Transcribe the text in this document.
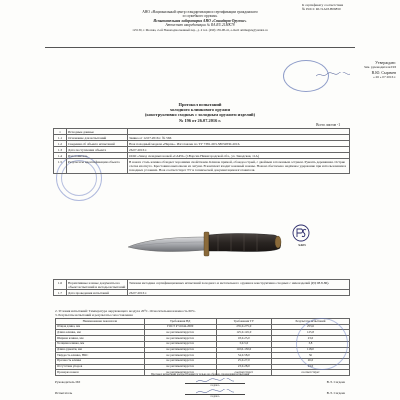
К сертификату соответствия
№ РОСС RU.SA03.B06850
АНО «Национальный центр стандартизации и сертификации гражданского
и служебного оружия»
Испытательная лаборатория АНО «Стандарт-Оружие»
Аттестат аккредитации № RA.RU.21MK78
125130, г. Москва, 2-ой Новоподмосковный пер., д. 4 тел. (499) 159-98-41, e-mail: ammugun@yandex.ru
Утверждаю:
Зам. руководителя ИЛ
В.Ю. Сырачев
« 26 » 07 2016 г.
Протокол испытаний
холодного клинкового оружия
(конструктивно сходных с холодным оружием изделий)
№ 196 от 26.07.2016 г.
Всего листов -1
1	Исходные данные	
1.1	Основание для испытаний	Заявка от 12.07.2016 г. № 566
1.2	Сведения об объекте испытаний	Нож походный модели «Нерпа». Изготовлен по ТУ 7381-003-58032830-2016.
1.3	Дата поступления объекта	26.07.2016 г.
1.4	Изготовитель	ООО «Завод складных ножей «САРО» (г.Ворсма Нижегородской обл., ул. Заводская, 11А)
1.5	Результаты идентификации объекта	В ножах сталь клинка обладает хорошими свойствами. Клинок прямой, обоюдоострый, с двойным заточенным острием. Рукоять деревянная. Острие слегка изогнуто. Крестовина выполнена из латуни. В комплект входит кожаный ножны. Ножом обеспечено надёжное удержание при использовании в походных условиях. Нож соответствует ТУ и технической документации изготовителя.
SA03
1.6	Нормативные и иные документы на объект испытаний и методы испытаний	Типовая методика сертификационных испытаний холодного и метательного оружия и конструктивно сходных с ним изделий (РД 08.8-86).
1.7	Дата проведения испытаний	26.07.2016 г.
2. Условия испытаний: Температура окружающего воздуха 20°С. Относительная влажность 60%.
3. Результаты испытаний и результаты сопоставления
Наименование показателя	Требования НД	Требования ТУ	Результаты испытаний
Общая длина, мм	ГОСТ Р 51644-2000	235,0-275,0	253,6
Длина клинка, мм	не регламентируется	125,0-145,0	125,8
Ширина клинка, мм	не регламентируется	18,0-25,0	23,0
Толщина клинка, мм	не регламентируется	3,0-5,0	3,8
Длина рукояти, мм	не регламентируется	110,0-130,0	118,0
Твёрдость клинка, HRC	не регламентируется	54,0-58,0	56
Прочность клинка	не регламентируется	25,0-27,0	26,0
Отсутствие упоров	не регламентируется	23,0-28,0	24,0
Проверка ножен	не регламентируется	соответствует	соответствует
Руководитель ИЛ
подпись
В.Э. Сагдеев
Испытатель
подпись
В.Э. Сагдеев
Протокол испытаний распространяется только на образец, прошедший испытания
